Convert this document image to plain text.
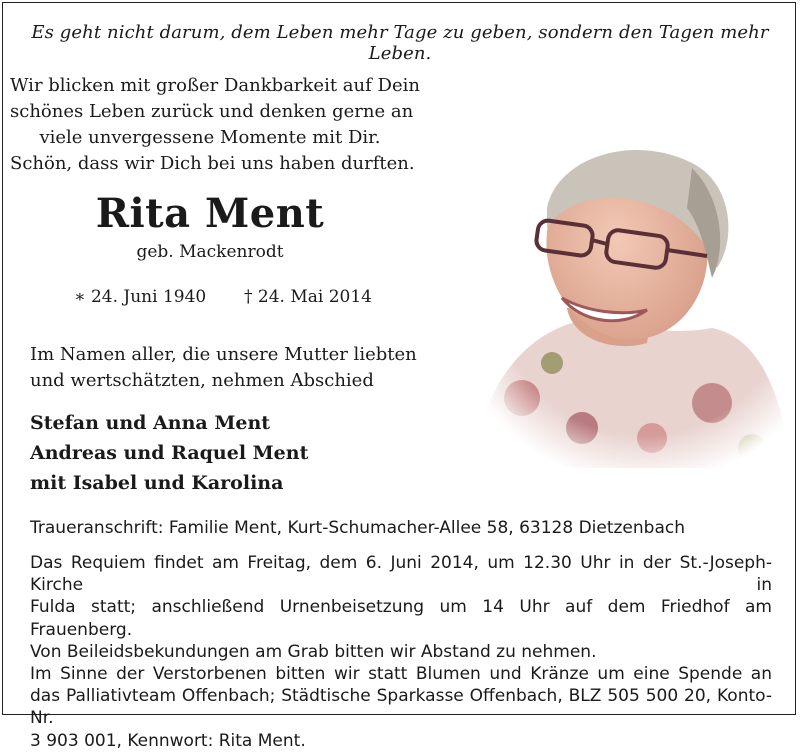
Es geht nicht darum, dem Leben mehr Tage zu geben, sondern den Tagen mehr Leben.
Wir blicken mit großer Dankbarkeit auf Dein
schönes Leben zurück und denken gerne an
viele unvergessene Momente mit Dir.
Schön, dass wir Dich bei uns haben durften.
Rita Ment
geb. Mackenrodt
∗ 24. Juni 1940 † 24. Mai 2014
Im Namen aller, die unsere Mutter liebten
und wertschätzten, nehmen Abschied
Stefan und Anna Ment
Andreas und Raquel Ment
mit Isabel und Karolina
Traueranschrift: Familie Ment, Kurt-Schumacher-Allee 58, 63128 Dietzenbach
Das Requiem findet am Freitag, dem 6. Juni 2014, um 12.30 Uhr in der St.-Joseph-Kirche in
Fulda statt; anschließend Urnenbeisetzung um 14 Uhr auf dem Friedhof am Frauenberg.
Von Beileidsbekundungen am Grab bitten wir Abstand zu nehmen.
Im Sinne der Verstorbenen bitten wir statt Blumen und Kränze um eine Spende an
das Palliativteam Offenbach; Städtische Sparkasse Offenbach, BLZ 505 500 20, Konto-Nr.
3 903 001, Kennwort: Rita Ment.
